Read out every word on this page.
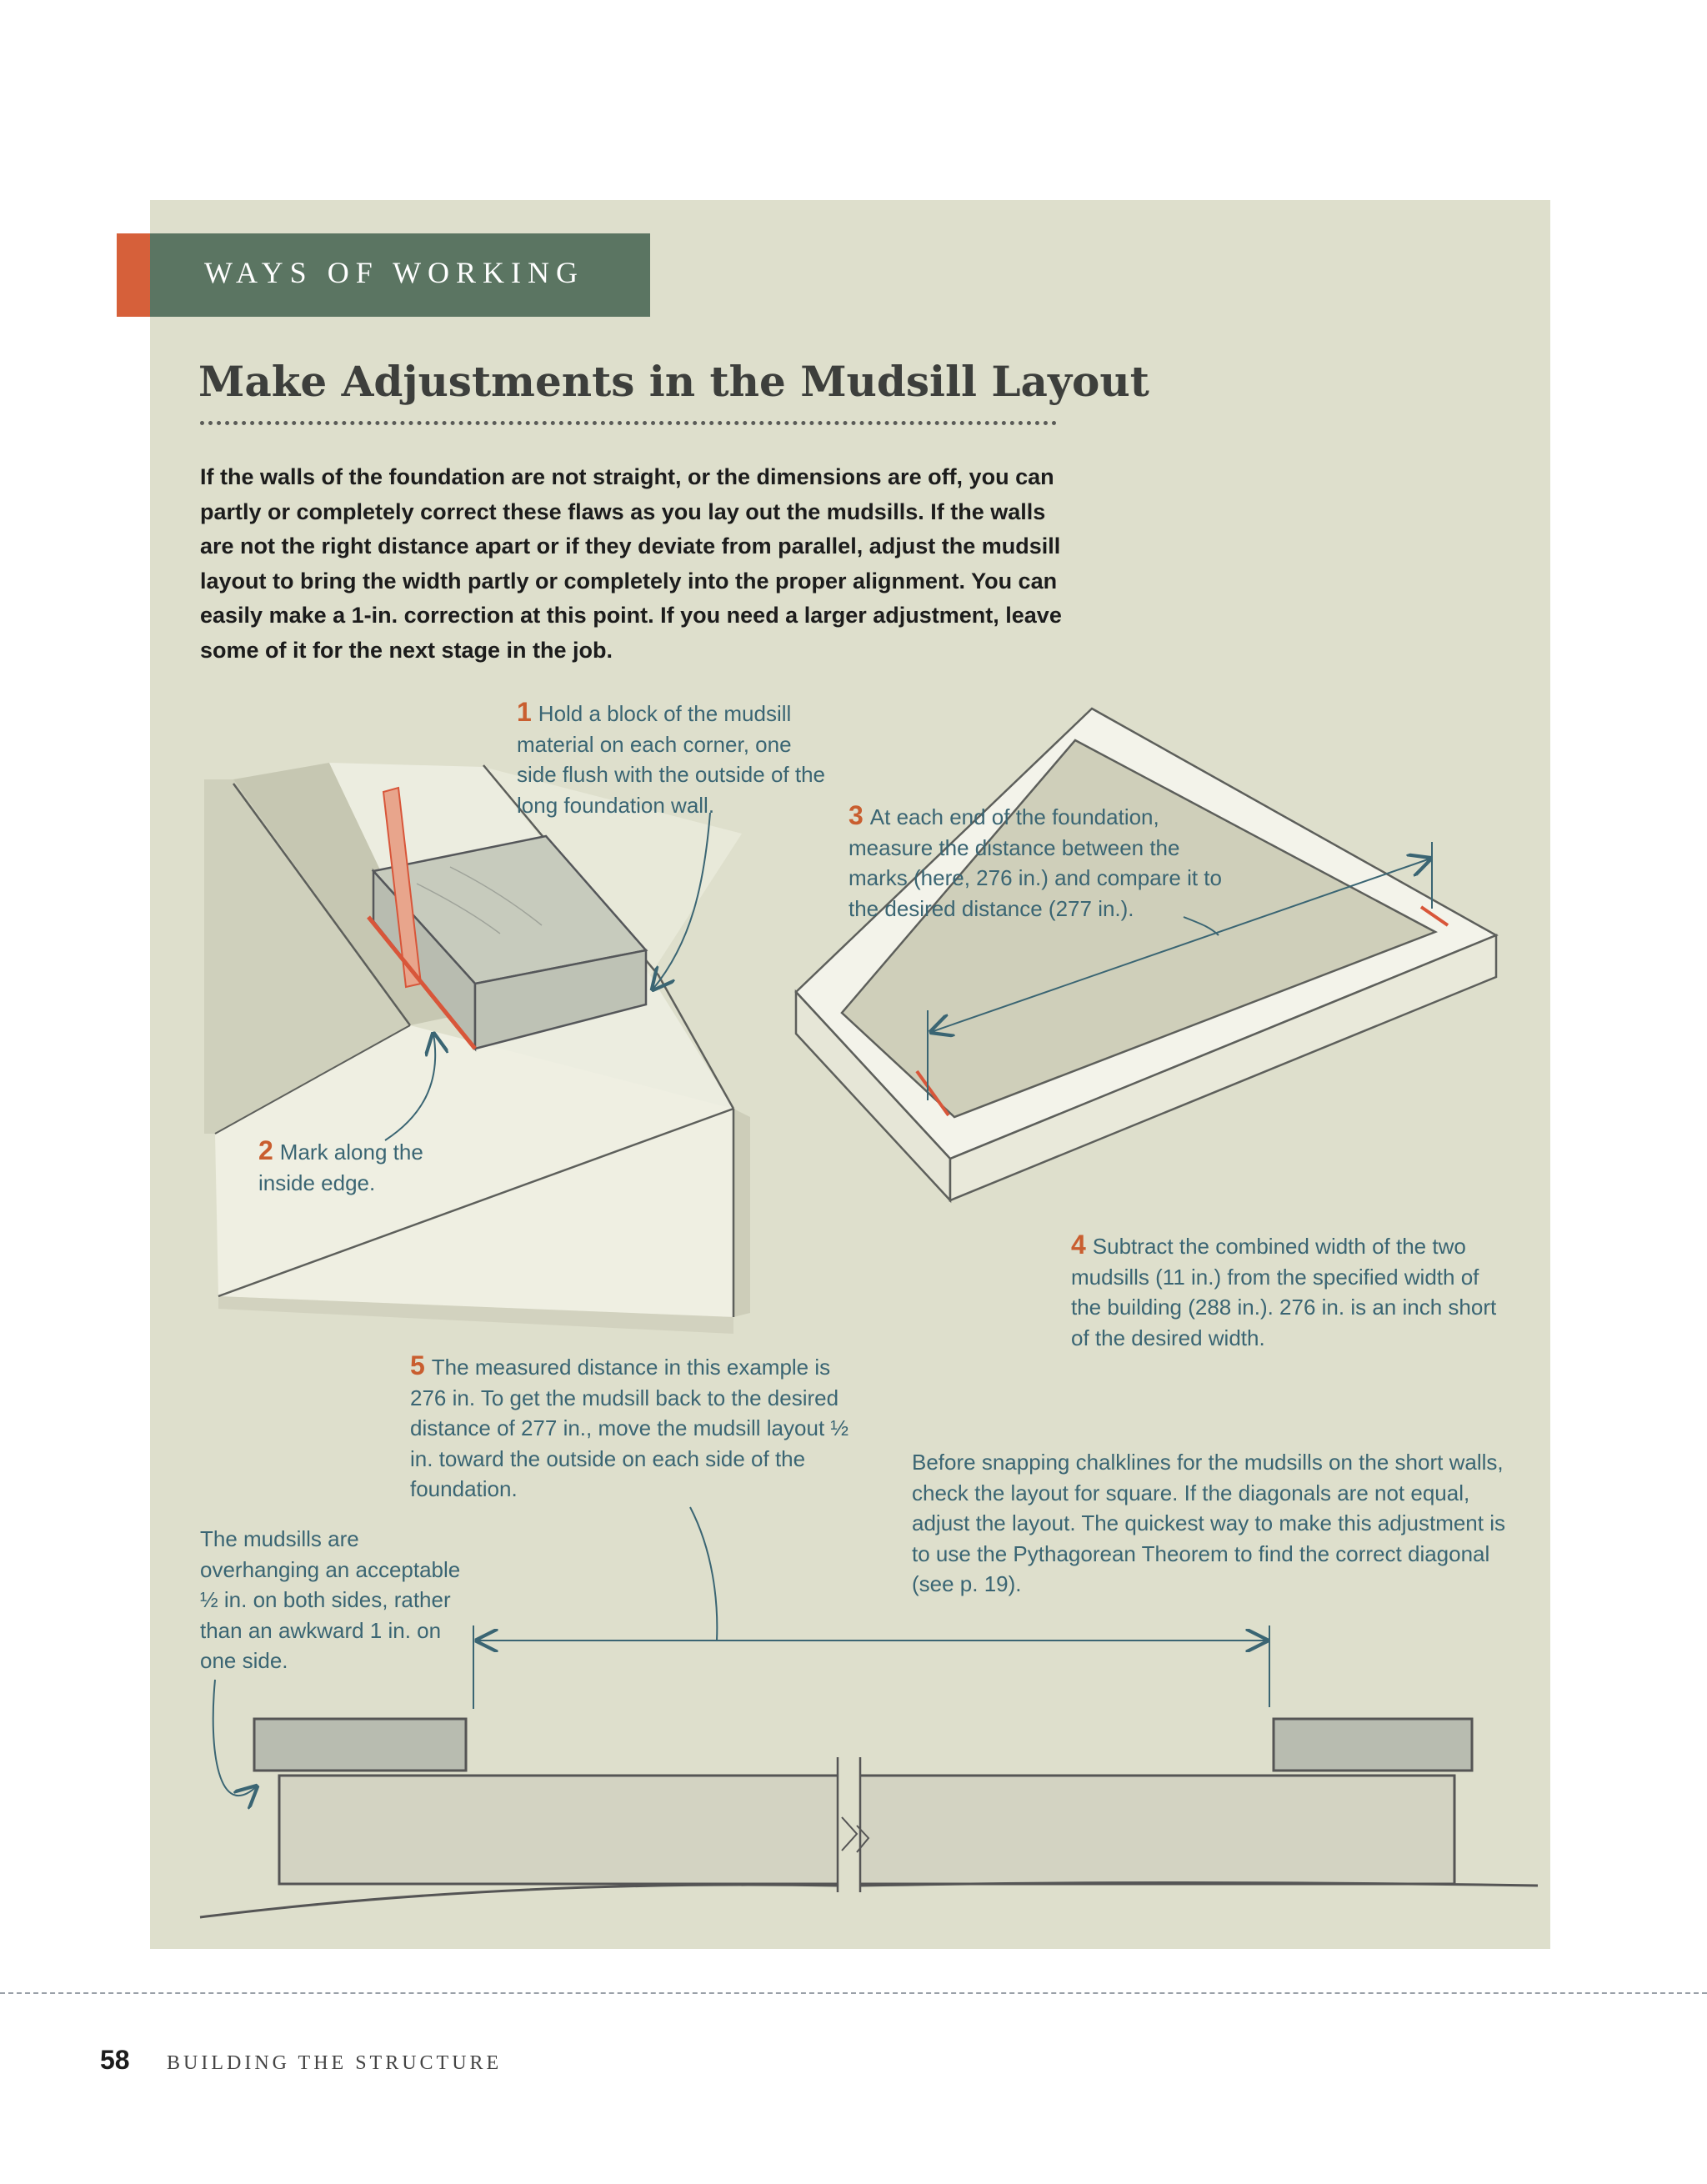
WAYS OF WORKING
Make Adjustments in the Mudsill Layout

If the walls of the foundation are not straight, or the dimensions are off, you can partly or completely correct these flaws as you lay out the mudsills. If the walls are not the right distance apart or if they deviate from parallel, adjust the mudsill layout to bring the width partly or completely into the proper alignment. You can easily make a 1-in. correction at this point. If you need a larger adjustment, leave some of it for the next stage in the job.

1 Hold a block of the mudsill material on each corner, one side flush with the outside of the long foundation wall.

2 Mark along the inside edge.

3 At each end of the foundation, measure the distance between the marks (here, 276 in.) and compare it to the desired distance (277 in.).

4 Subtract the combined width of the two mudsills (11 in.) from the specified width of the building (288 in.). 276 in. is an inch short of the desired width.

5 The measured distance in this example is 276 in. To get the mudsill back to the desired distance of 277 in., move the mudsill layout ½ in. toward the outside on each side of the foundation.

The mudsills are overhanging an acceptable ½ in. on both sides, rather than an awkward 1 in. on one side.

Before snapping chalklines for the mudsills on the short walls, check the layout for square. If the diagonals are not equal, adjust the layout. The quickest way to make this adjustment is to use the Pythagorean Theorem to find the correct diagonal (see p. 19).

58 BUILDING THE STRUCTURE
